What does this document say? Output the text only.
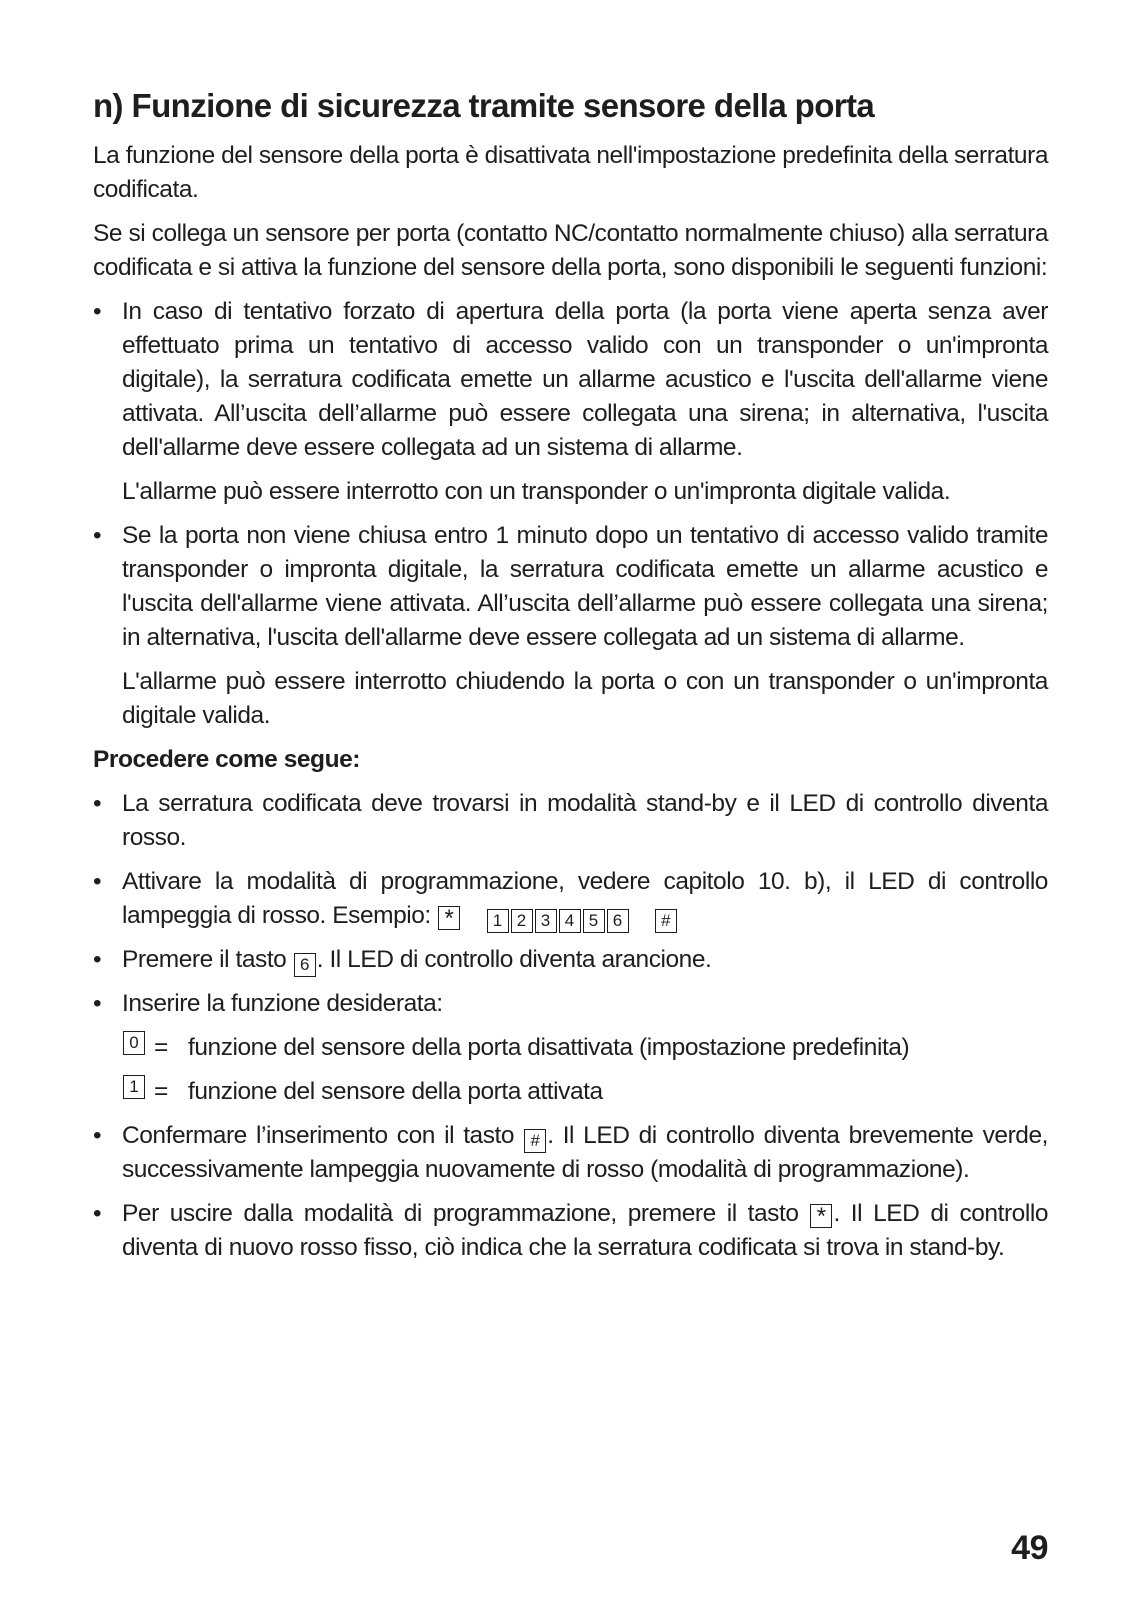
n) Funzione di sicurezza tramite sensore della porta

La funzione del sensore della porta è disattivata nell'impostazione predefinita della serratura codificata.

Se si collega un sensore per porta (contatto NC/contatto normalmente chiuso) alla serratura codificata e si attiva la funzione del sensore della porta, sono disponibili le seguenti funzioni:

• In caso di tentativo forzato di apertura della porta (la porta viene aperta senza aver effettuato prima un tentativo di accesso valido con un transponder o un'impronta digitale), la serratura codificata emette un allarme acustico e l'uscita dell'allarme viene attivata. All’uscita dell’allarme può essere collegata una sirena; in alternativa, l'uscita dell'allarme deve essere collegata ad un sistema di allarme.

L'allarme può essere interrotto con un transponder o un'impronta digitale valida.

• Se la porta non viene chiusa entro 1 minuto dopo un tentativo di accesso valido tramite transponder o impronta digitale, la serratura codificata emette un allarme acustico e l'uscita dell'allarme viene attivata. All’uscita dell’allarme può essere collegata una sirena; in alternativa, l'uscita dell'allarme deve essere collegata ad un sistema di allarme.

L'allarme può essere interrotto chiudendo la porta o con un transponder o un'impronta digitale valida.

Procedere come segue:
• La serratura codificata deve trovarsi in modalità stand-by e il LED di controllo diventa rosso.
• Attivare la modalità di programmazione, vedere capitolo 10. b), il LED di controllo lampeggia di rosso. Esempio: * 1 2 3 4 5 6 #
• Premere il tasto 6 . Il LED di controllo diventa arancione.
• Inserire la funzione desiderata:
0 = funzione del sensore della porta disattivata (impostazione predefinita)
1 = funzione del sensore della porta attivata
• Confermare l’inserimento con il tasto # . Il LED di controllo diventa brevemente verde, successivamente lampeggia nuovamente di rosso (modalità di programmazione).
• Per uscire dalla modalità di programmazione, premere il tasto * . Il LED di controllo diventa di nuovo rosso fisso, ciò indica che la serratura codificata si trova in stand-by.
49
